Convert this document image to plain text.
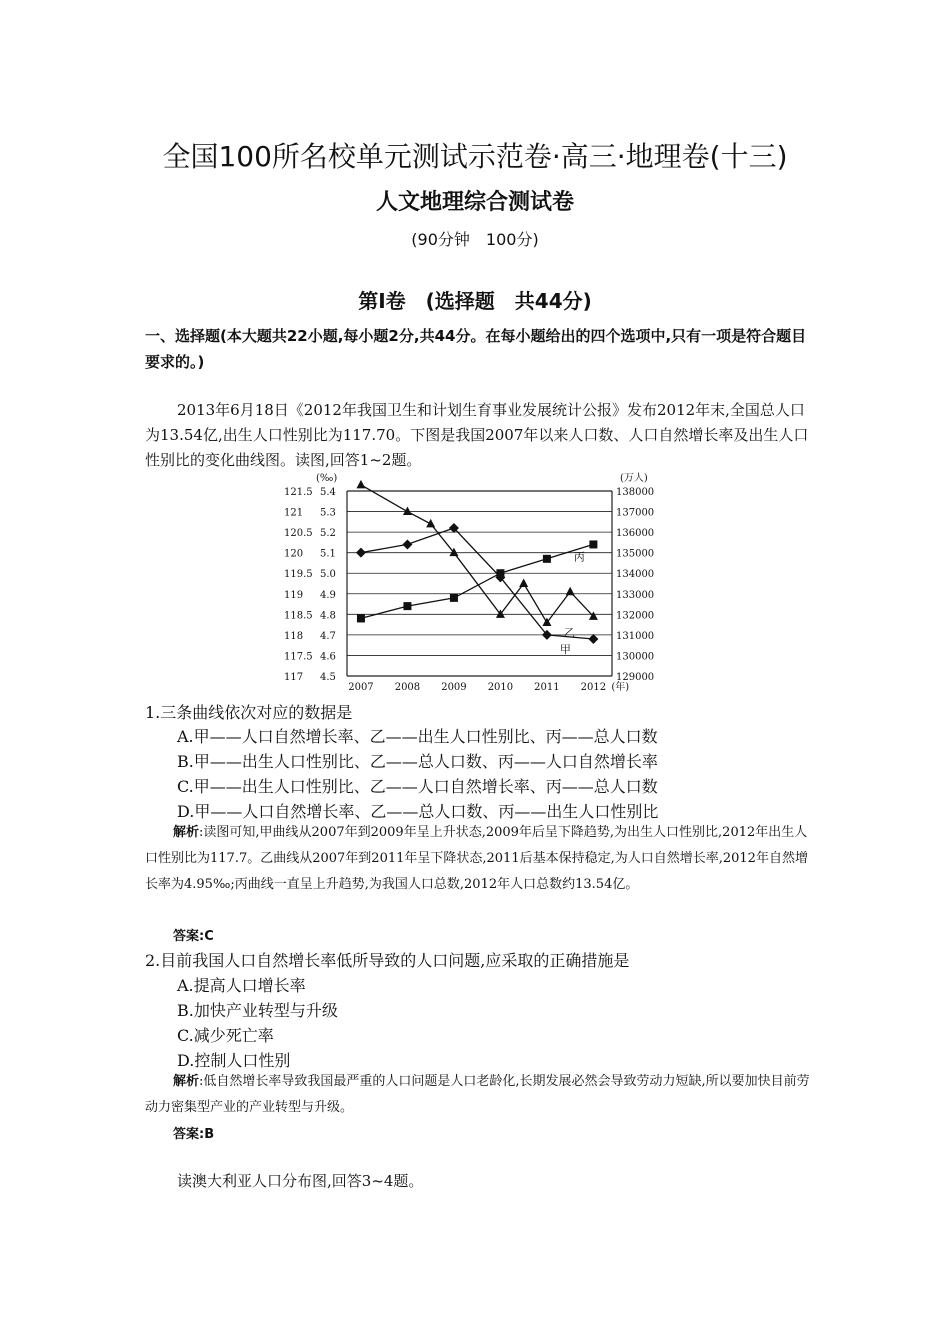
全国100所名校单元测试示范卷·高三·地理卷(十三)
人文地理综合测试卷
(90分钟　100分)
第Ⅰ卷　(选择题　共44分)
一、选择题(本大题共22小题,每小题2分,共44分。在每小题给出的四个选项中,只有一项是符合题目要求的。)
2013年6月18日《2012年我国卫生和计划生育事业发展统计公报》发布2012年末,全国总人口为13.54亿,出生人口性别比为117.70。下图是我国2007年以来人口数、人口自然增长率及出生人口性别比的变化曲线图。读图,回答1~2题。
121.5
121
120.5
120
119.5
119
118.5
118
117.5
117
5.4
5.3
5.2
5.1
5.0
4.9
4.8
4.7
4.6
4.5
138000
137000
136000
135000
134000
133000
132000
131000
130000
129000
(‰)	(万人)
2007 2008 2009 2010 2011 2012 (年)
丙
乙
甲
1.三条曲线依次对应的数据是
A.甲——人口自然增长率、乙——出生人口性别比、丙——总人口数
B.甲——出生人口性别比、乙——总人口数、丙——人口自然增长率
C.甲——出生人口性别比、乙——人口自然增长率、丙——总人口数
D.甲——人口自然增长率、乙——总人口数、丙——出生人口性别比
解析:读图可知,甲曲线从2007年到2009年呈上升状态,2009年后呈下降趋势,为出生人口性别比,2012年出生人口性别比为117.7。乙曲线从2007年到2011年呈下降状态,2011后基本保持稳定,为人口自然增长率,2012年自然增长率为4.95‰;丙曲线一直呈上升趋势,为我国人口总数,2012年人口总数约13.54亿。
答案:C
2.目前我国人口自然增长率低所导致的人口问题,应采取的正确措施是
A.提高人口增长率
B.加快产业转型与升级
C.减少死亡率
D.控制人口性别
解析:低自然增长率导致我国最严重的人口问题是人口老龄化,长期发展必然会导致劳动力短缺,所以要加快目前劳动力密集型产业的产业转型与升级。
答案:B
读澳大利亚人口分布图,回答3~4题。
